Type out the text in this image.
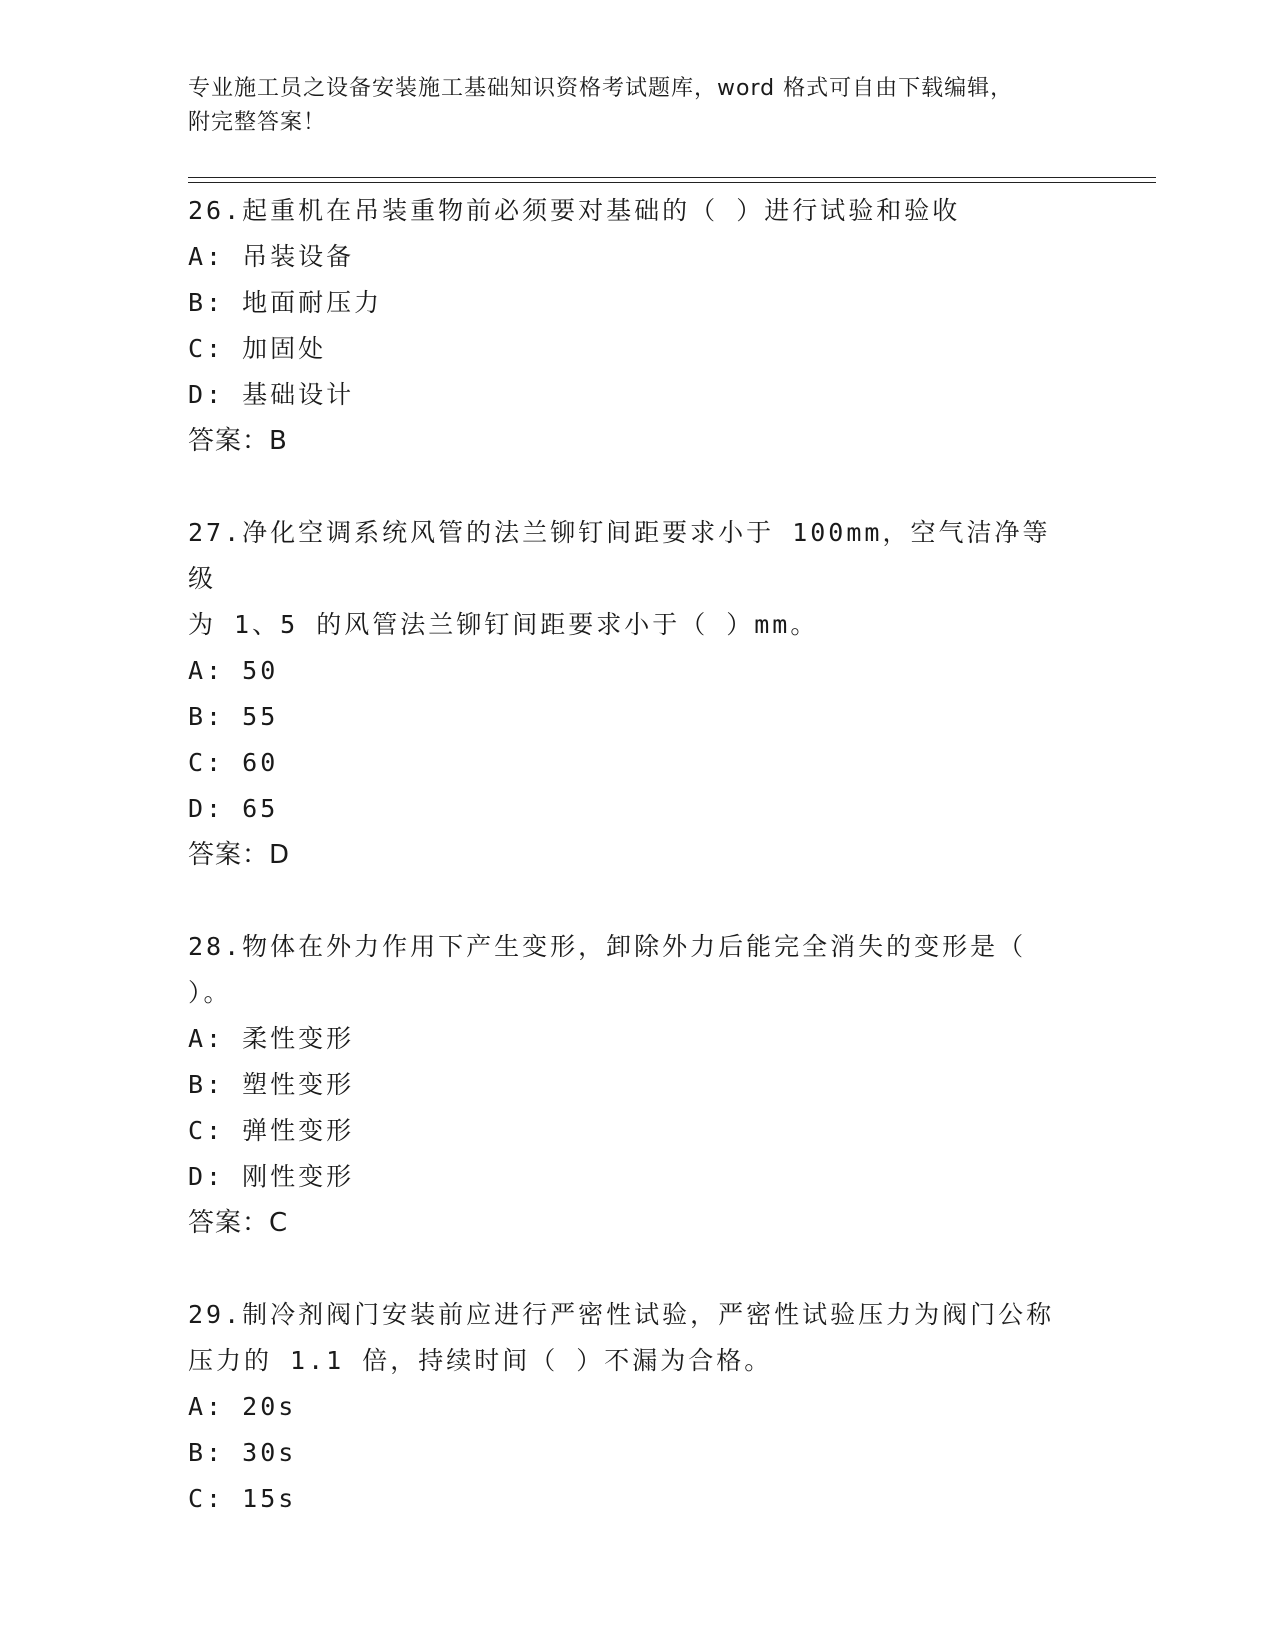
专业施工员之设备安装施工基础知识资格考试题库，word 格式可自由下载编辑，
附完整答案！
26.起重机在吊装重物前必须要对基础的（ ）进行试验和验收
A: 吊装设备
B: 地面耐压力
C: 加固处
D: 基础设计
答案：B
27.净化空调系统风管的法兰铆钉间距要求小于 100mm，空气洁净等级
为 1、5 的风管法兰铆钉间距要求小于（ ）mm。
A: 50
B: 55
C: 60
D: 65
答案：D
28.物体在外力作用下产生变形，卸除外力后能完全消失的变形是（
）。
A: 柔性变形
B: 塑性变形
C: 弹性变形
D: 刚性变形
答案：C
29.制冷剂阀门安装前应进行严密性试验，严密性试验压力为阀门公称
压力的 1.1 倍，持续时间（ ）不漏为合格。
A: 20s
B: 30s
C: 15s
